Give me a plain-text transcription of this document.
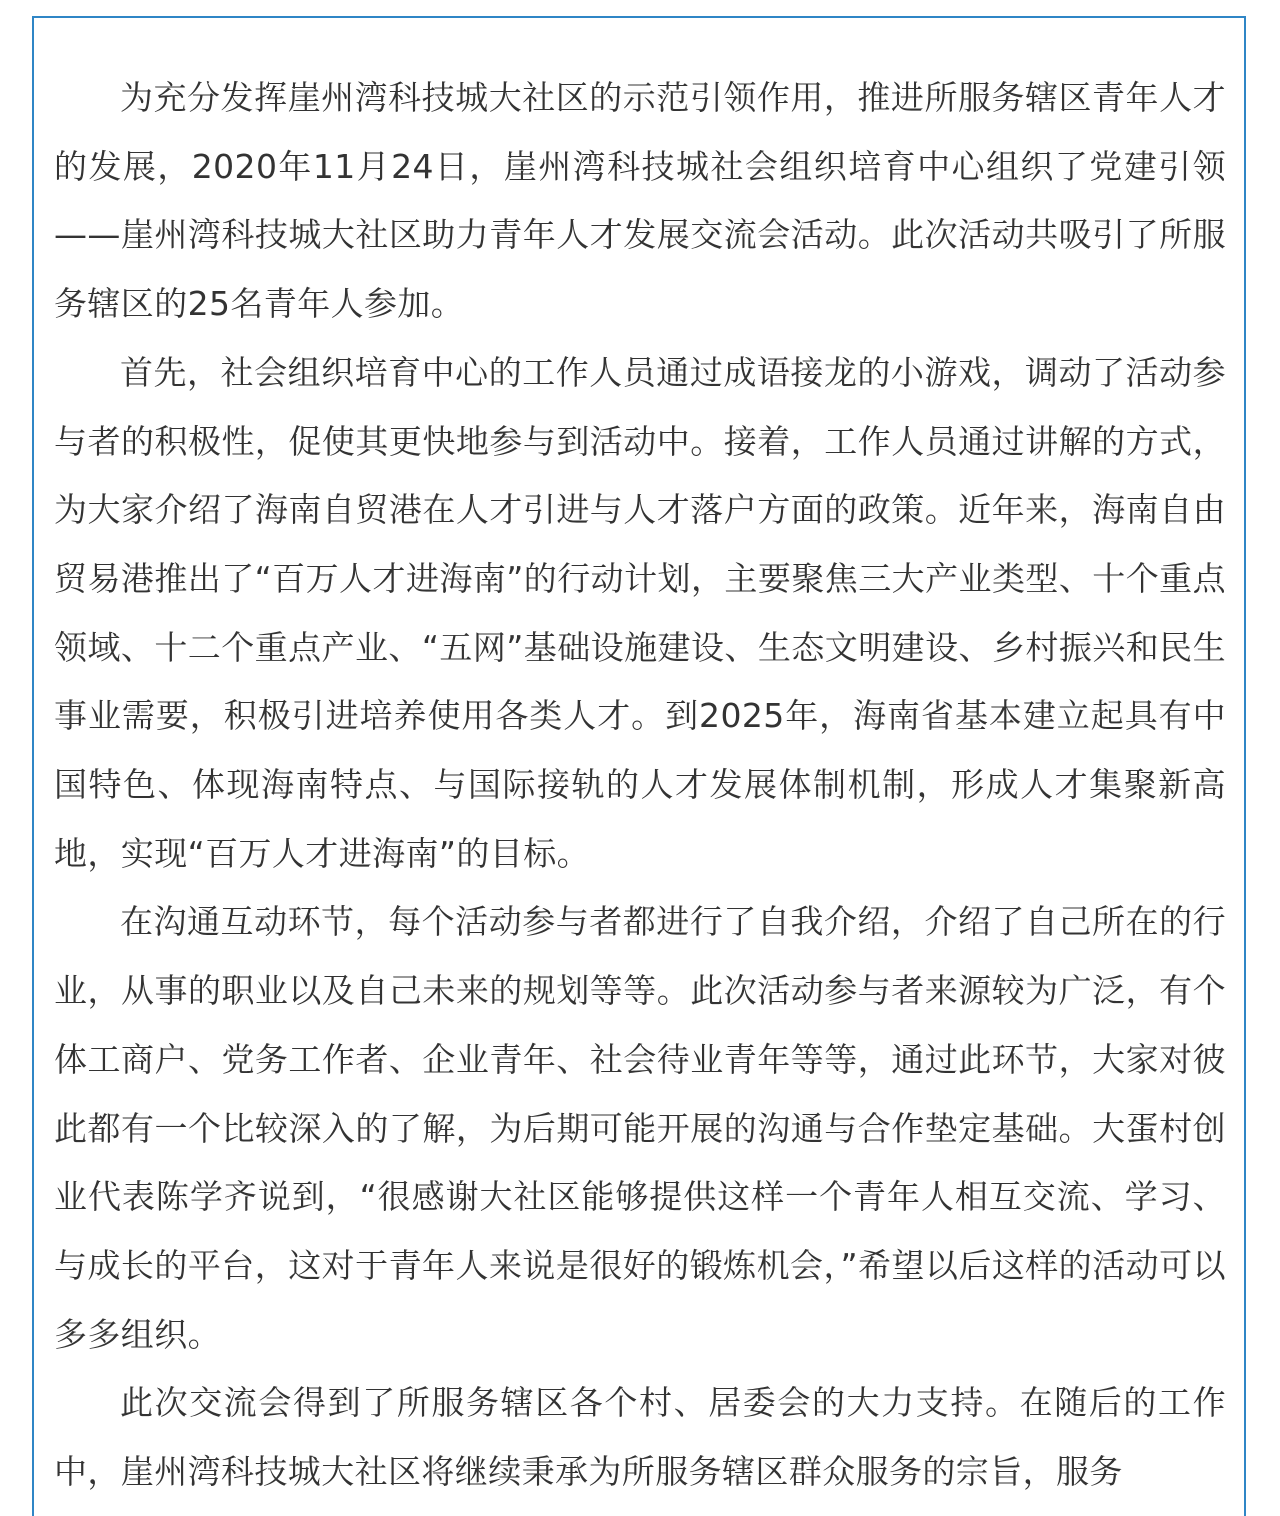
为充分发挥崖州湾科技城大社区的示范引领作用，推进所服务辖区青年人才的发展，2020年11月24日，崖州湾科技城社会组织培育中心组织了党建引领——崖州湾科技城大社区助力青年人才发展交流会活动。此次活动共吸引了所服务辖区的25名青年人参加。

首先，社会组织培育中心的工作人员通过成语接龙的小游戏，调动了活动参与者的积极性，促使其更快地参与到活动中。接着，工作人员通过讲解的方式，为大家介绍了海南自贸港在人才引进与人才落户方面的政策。近年来，海南自由贸易港推出了“百万人才进海南”的行动计划，主要聚焦三大产业类型、十个重点领域、十二个重点产业、“五网”基础设施建设、生态文明建设、乡村振兴和民生事业需要，积极引进培养使用各类人才。到2025年，海南省基本建立起具有中国特色、体现海南特点、与国际接轨的人才发展体制机制，形成人才集聚新高地，实现“百万人才进海南”的目标。

在沟通互动环节，每个活动参与者都进行了自我介绍，介绍了自己所在的行业，从事的职业以及自己未来的规划等等。此次活动参与者来源较为广泛，有个体工商户、党务工作者、企业青年、社会待业青年等等，通过此环节，大家对彼此都有一个比较深入的了解，为后期可能开展的沟通与合作垫定基础。大蛋村创业代表陈学齐说到，“很感谢大社区能够提供这样一个青年人相互交流、学习、与成长的平台，这对于青年人来说是很好的锻炼机会，”希望以后这样的活动可以多多组织。

此次交流会得到了所服务辖区各个村、居委会的大力支持。在随后的工作中，崖州湾科技城大社区将继续秉承为所服务辖区群众服务的宗旨，服务
